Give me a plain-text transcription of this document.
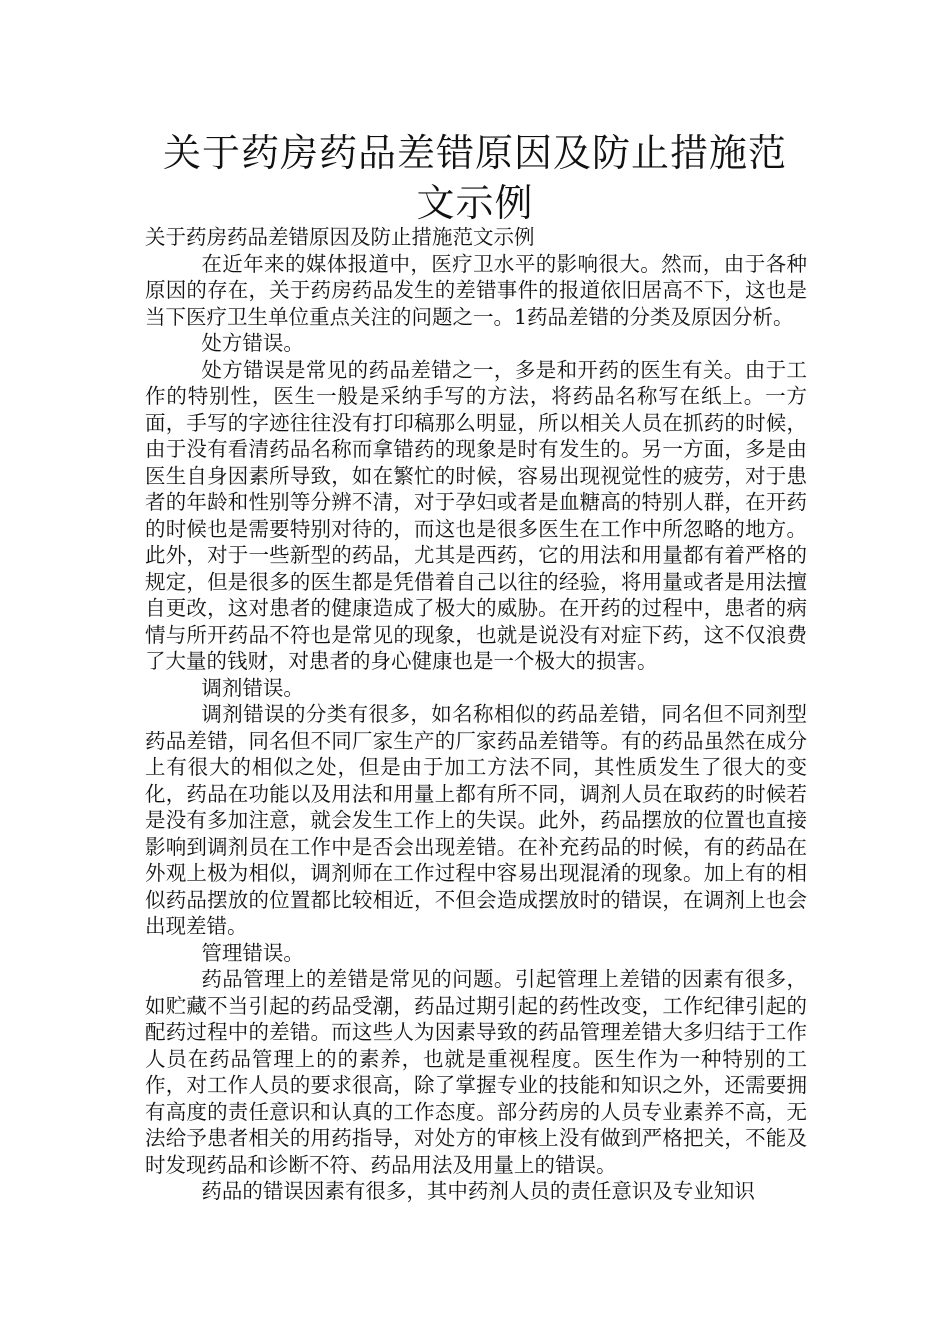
关于药房药品差错原因及防止措施范文示例

关于药房药品差错原因及防止措施范文示例

在近年来的媒体报道中，医疗卫水平的影响很大。然而，由于各种原因的存在，关于药房药品发生的差错事件的报道依旧居高不下，这也是当下医疗卫生单位重点关注的问题之一。1药品差错的分类及原因分析。

处方错误。

处方错误是常见的药品差错之一，多是和开药的医生有关。由于工作的特别性，医生一般是采纳手写的方法，将药品名称写在纸上。一方面，手写的字迹往往没有打印稿那么明显，所以相关人员在抓药的时候，由于没有看清药品名称而拿错药的现象是时有发生的。另一方面，多是由医生自身因素所导致，如在繁忙的时候，容易出现视觉性的疲劳，对于患者的年龄和性别等分辨不清，对于孕妇或者是血糖高的特别人群，在开药的时候也是需要特别对待的，而这也是很多医生在工作中所忽略的地方。此外，对于一些新型的药品，尤其是西药，它的用法和用量都有着严格的规定，但是很多的医生都是凭借着自己以往的经验，将用量或者是用法擅自更改，这对患者的健康造成了极大的威胁。在开药的过程中，患者的病情与所开药品不符也是常见的现象，也就是说没有对症下药，这不仅浪费了大量的钱财，对患者的身心健康也是一个极大的损害。

调剂错误。

调剂错误的分类有很多，如名称相似的药品差错，同名但不同剂型药品差错，同名但不同厂家生产的厂家药品差错等。有的药品虽然在成分上有很大的相似之处，但是由于加工方法不同，其性质发生了很大的变化，药品在功能以及用法和用量上都有所不同，调剂人员在取药的时候若是没有多加注意，就会发生工作上的失误。此外，药品摆放的位置也直接影响到调剂员在工作中是否会出现差错。在补充药品的时候，有的药品在外观上极为相似，调剂师在工作过程中容易出现混淆的现象。加上有的相似药品摆放的位置都比较相近，不但会造成摆放时的错误，在调剂上也会出现差错。

管理错误。

药品管理上的差错是常见的问题。引起管理上差错的因素有很多，如贮藏不当引起的药品受潮，药品过期引起的药性改变，工作纪律引起的配药过程中的差错。而这些人为因素导致的药品管理差错大多归结于工作人员在药品管理上的的素养，也就是重视程度。医生作为一种特别的工作，对工作人员的要求很高，除了掌握专业的技能和知识之外，还需要拥有高度的责任意识和认真的工作态度。部分药房的人员专业素养不高，无法给予患者相关的用药指导，对处方的审核上没有做到严格把关，不能及时发现药品和诊断不符、药品用法及用量上的错误。

药品的错误因素有很多，其中药剂人员的责任意识及专业知识
